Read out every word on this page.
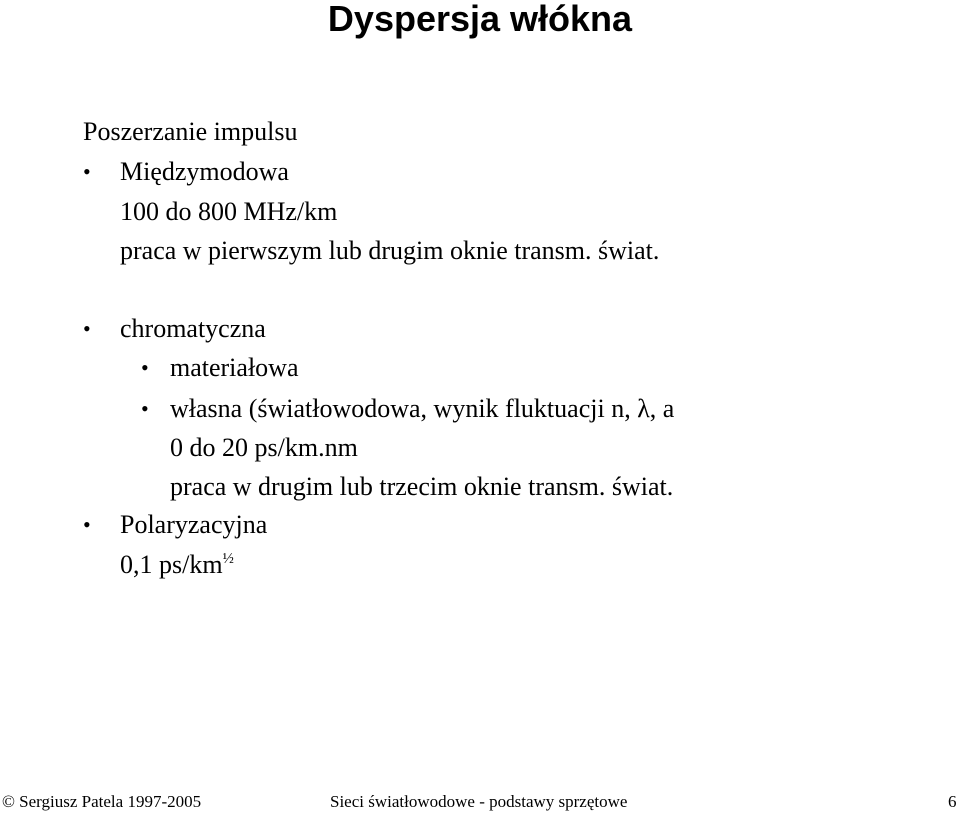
Dyspersja włókna
Poszerzanie impulsu
• Międzymodowa
100 do 800 MHz/km
praca w pierwszym lub drugim oknie transm. świat.
• chromatyczna
• materiałowa
• własna (światłowodowa, wynik fluktuacji n, λ, a
0 do 20 ps/km.nm
praca w drugim lub trzecim oknie transm. świat.
• Polaryzacyjna
0,1 $ps/km^{\frac{1}{2}}$
© Sergiusz Patela 1997-2005	Sieci światłowodowe - podstawy sprzętowe	6
